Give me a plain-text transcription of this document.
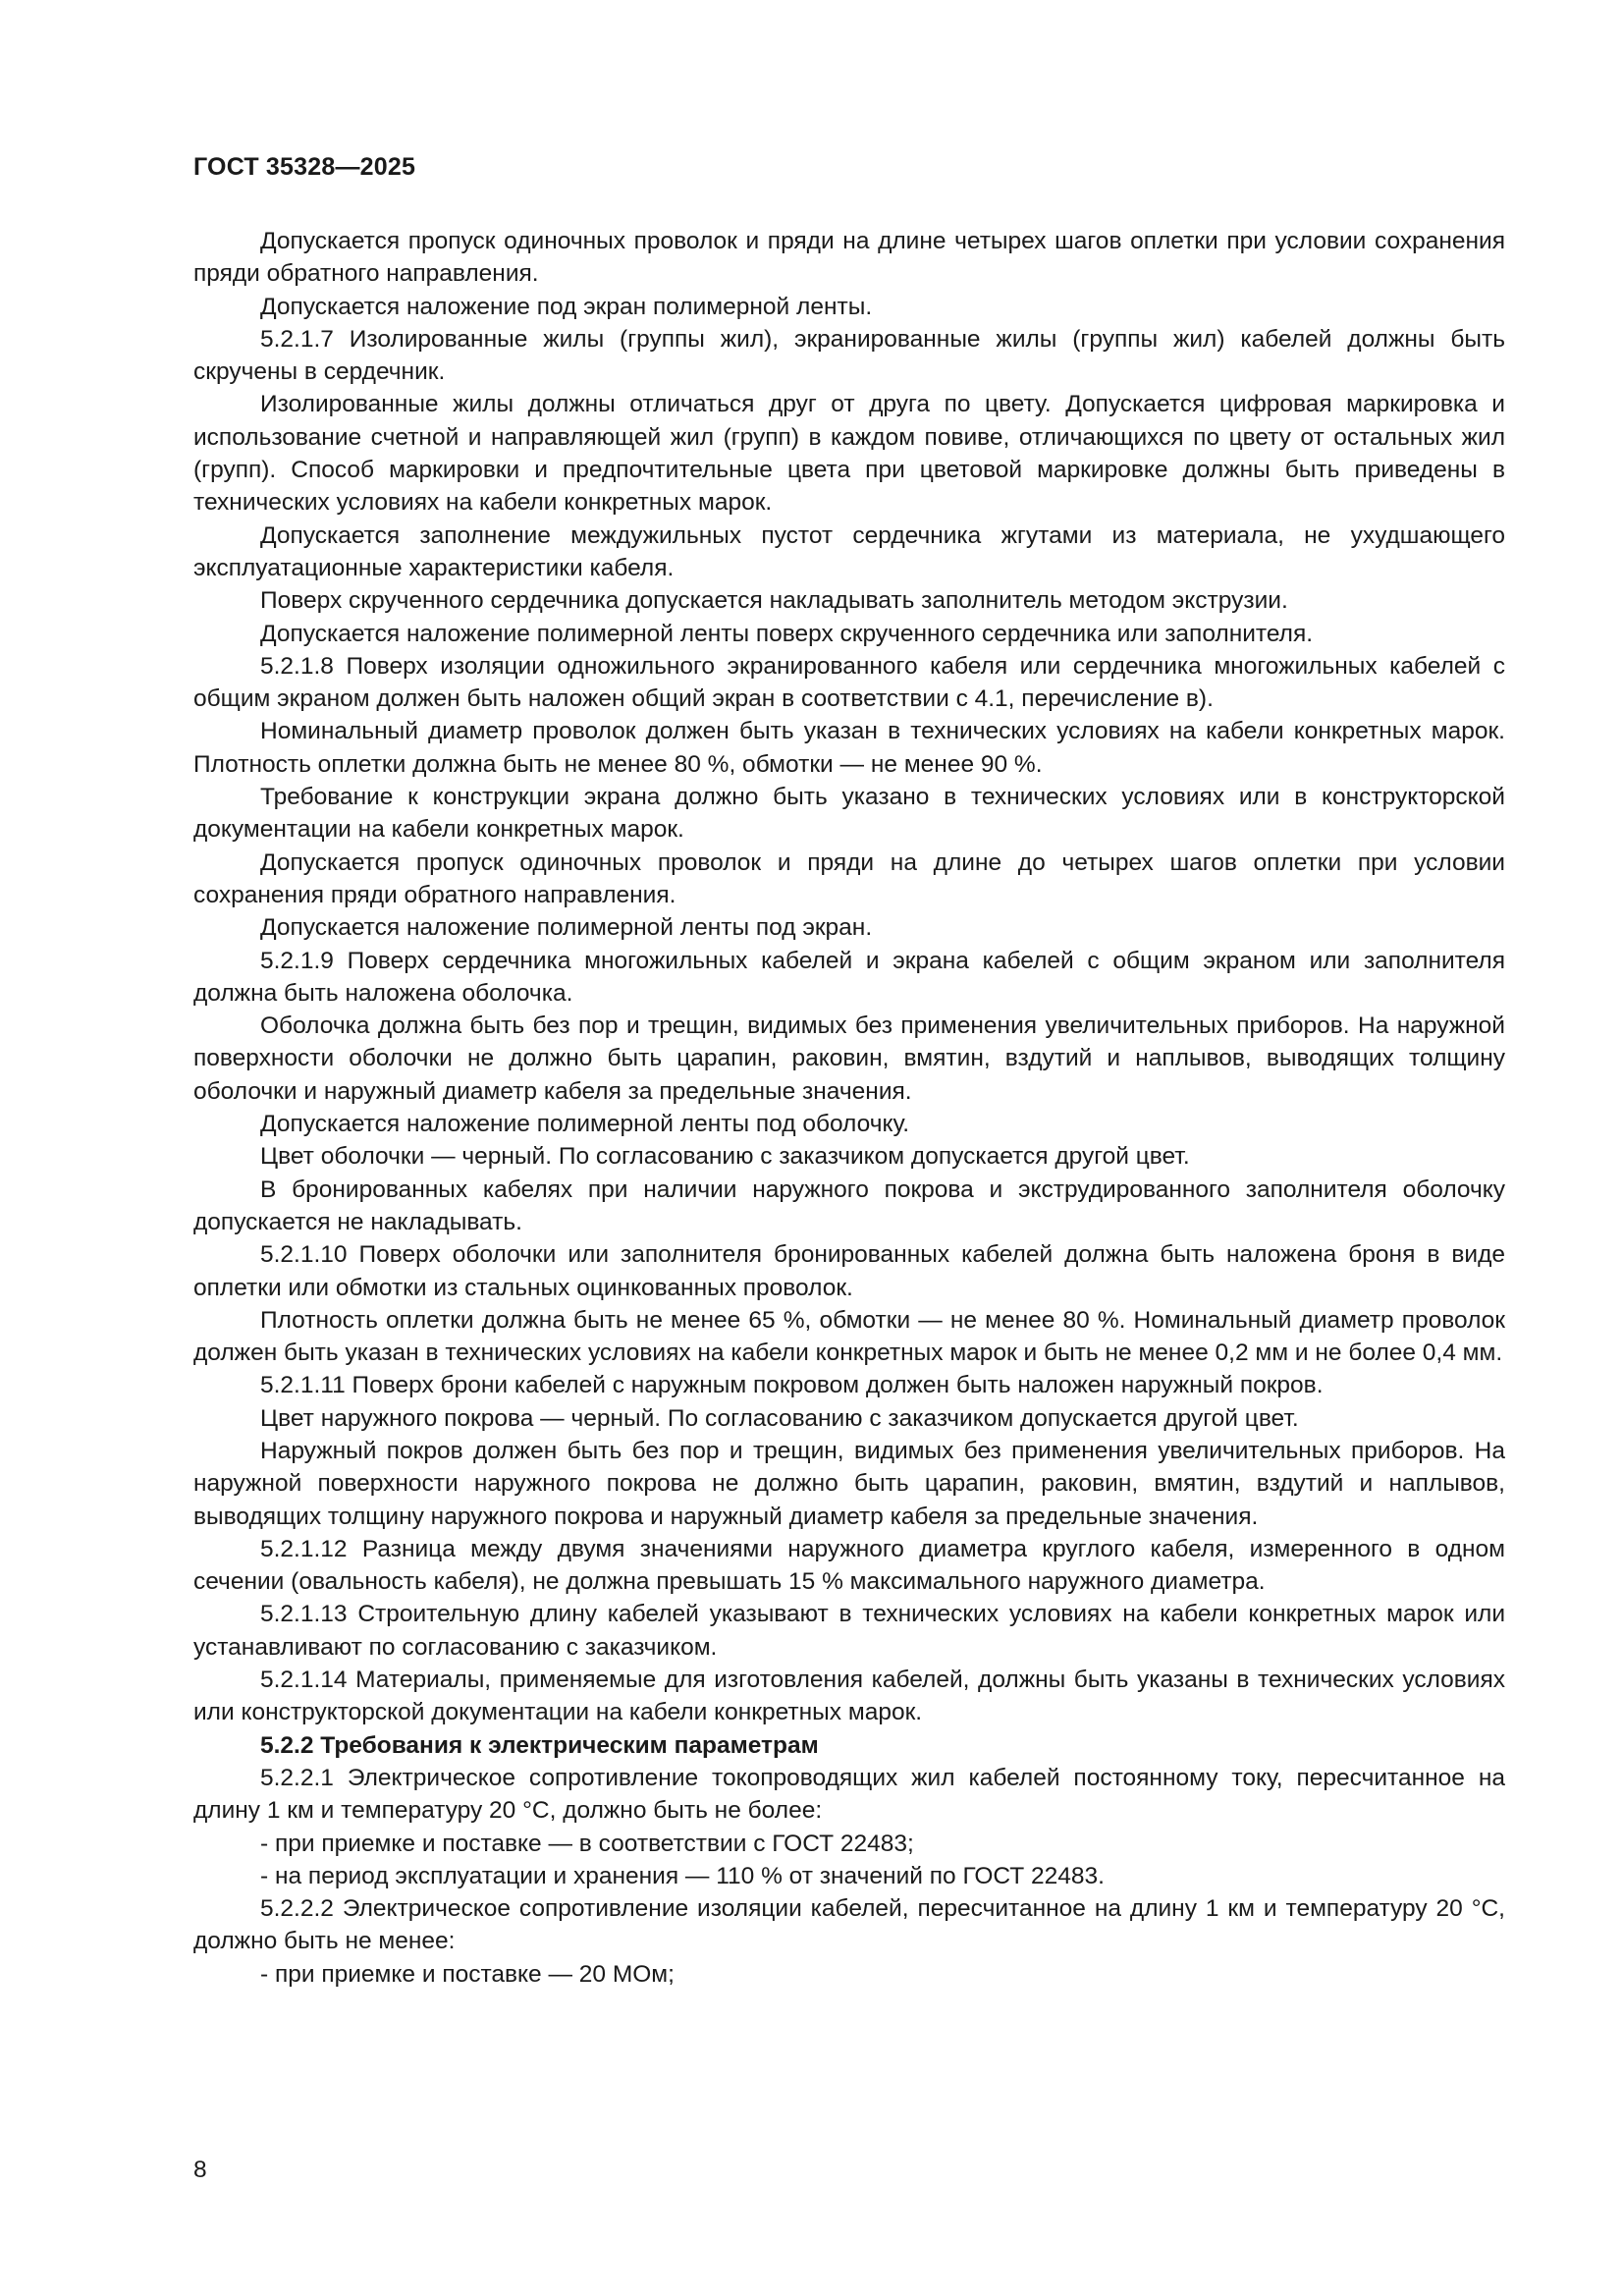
ГОСТ 35328—2025

Допускается пропуск одиночных проволок и пряди на длине четырех шагов оплетки при условии сохранения пряди обратного направления.

Допускается наложение под экран полимерной ленты.

5.2.1.7 Изолированные жилы (группы жил), экранированные жилы (группы жил) кабелей должны быть скручены в сердечник.

Изолированные жилы должны отличаться друг от друга по цвету. Допускается цифровая маркировка и использование счетной и направляющей жил (групп) в каждом повиве, отличающихся по цвету от остальных жил (групп). Способ маркировки и предпочтительные цвета при цветовой маркировке должны быть приведены в технических условиях на кабели конкретных марок.

Допускается заполнение междужильных пустот сердечника жгутами из материала, не ухудшающего эксплуатационные характеристики кабеля.

Поверх скрученного сердечника допускается накладывать заполнитель методом экструзии.

Допускается наложение полимерной ленты поверх скрученного сердечника или заполнителя.

5.2.1.8 Поверх изоляции одножильного экранированного кабеля или сердечника многожильных кабелей с общим экраном должен быть наложен общий экран в соответствии с 4.1, перечисление в).

Номинальный диаметр проволок должен быть указан в технических условиях на кабели конкретных марок. Плотность оплетки должна быть не менее 80 %, обмотки — не менее 90 %.

Требование к конструкции экрана должно быть указано в технических условиях или в конструкторской документации на кабели конкретных марок.

Допускается пропуск одиночных проволок и пряди на длине до четырех шагов оплетки при условии сохранения пряди обратного направления.

Допускается наложение полимерной ленты под экран.

5.2.1.9 Поверх сердечника многожильных кабелей и экрана кабелей с общим экраном или заполнителя должна быть наложена оболочка.

Оболочка должна быть без пор и трещин, видимых без применения увеличительных приборов. На наружной поверхности оболочки не должно быть царапин, раковин, вмятин, вздутий и наплывов, выводящих толщину оболочки и наружный диаметр кабеля за предельные значения.

Допускается наложение полимерной ленты под оболочку.

Цвет оболочки — черный. По согласованию с заказчиком допускается другой цвет.

В бронированных кабелях при наличии наружного покрова и экструдированного заполнителя оболочку допускается не накладывать.

5.2.1.10 Поверх оболочки или заполнителя бронированных кабелей должна быть наложена броня в виде оплетки или обмотки из стальных оцинкованных проволок.

Плотность оплетки должна быть не менее 65 %, обмотки — не менее 80 %. Номинальный диаметр проволок должен быть указан в технических условиях на кабели конкретных марок и быть не менее 0,2 мм и не более 0,4 мм.

5.2.1.11 Поверх брони кабелей с наружным покровом должен быть наложен наружный покров.

Цвет наружного покрова — черный. По согласованию с заказчиком допускается другой цвет.

Наружный покров должен быть без пор и трещин, видимых без применения увеличительных приборов. На наружной поверхности наружного покрова не должно быть царапин, раковин, вмятин, вздутий и наплывов, выводящих толщину наружного покрова и наружный диаметр кабеля за предельные значения.

5.2.1.12 Разница между двумя значениями наружного диаметра круглого кабеля, измеренного в одном сечении (овальность кабеля), не должна превышать 15 % максимального наружного диаметра.

5.2.1.13 Строительную длину кабелей указывают в технических условиях на кабели конкретных марок или устанавливают по согласованию с заказчиком.

5.2.1.14 Материалы, применяемые для изготовления кабелей, должны быть указаны в технических условиях или конструкторской документации на кабели конкретных марок.

5.2.2 Требования к электрическим параметрам

5.2.2.1 Электрическое сопротивление токопроводящих жил кабелей постоянному току, пересчитанное на длину 1 км и температуру 20 °С, должно быть не более:

- при приемке и поставке — в соответствии с ГОСТ 22483;

- на период эксплуатации и хранения — 110 % от значений по ГОСТ 22483.

5.2.2.2 Электрическое сопротивление изоляции кабелей, пересчитанное на длину 1 км и температуру 20 °С, должно быть не менее:

- при приемке и поставке — 20 МОм;

8
